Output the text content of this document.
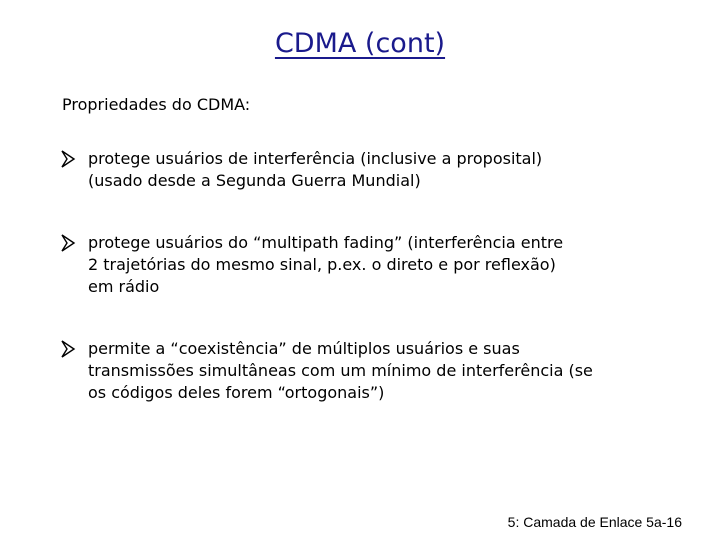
CDMA (cont)
Propriedades do CDMA:
protege usuários de interferência (inclusive a proposital)
(usado desde a Segunda Guerra Mundial)
protege usuários do “multipath fading” (interferência entre
2 trajetórias do mesmo sinal, p.ex. o direto e por reflexão)
em rádio
permite a “coexistência” de múltiplos usuários e suas
transmissões simultâneas com um mínimo de interferência (se
os códigos deles forem “ortogonais”)
5: Camada de Enlace 5a-16
